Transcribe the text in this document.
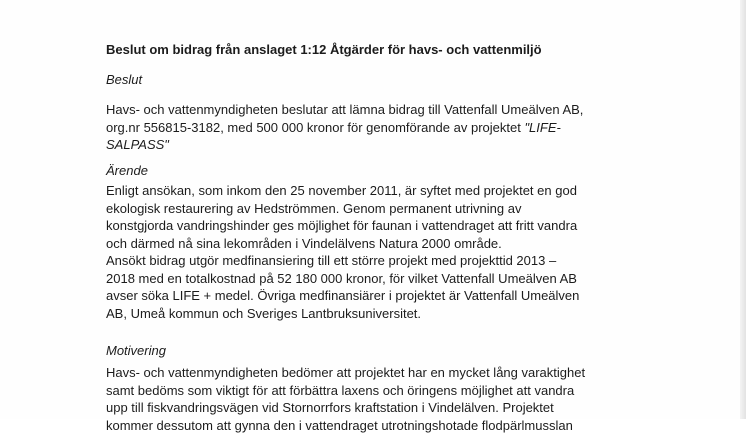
Beslut om bidrag från anslaget 1:12 Åtgärder för havs- och vattenmiljö
Beslut
Havs- och vattenmyndigheten beslutar att lämna bidrag till Vattenfall Umeälven AB,
org.nr 556815-3182, med 500 000 kronor för genomförande av projektet "LIFE-
SALPASS"
Ärende
Enligt ansökan, som inkom den 25 november 2011, är syftet med projektet en god
ekologisk restaurering av Hedströmmen. Genom permanent utrivning av
konstgjorda vandringshinder ges möjlighet för faunan i vattendraget att fritt vandra
och därmed nå sina lekområden i Vindelälvens Natura 2000 område.
Ansökt bidrag utgör medfinansiering till ett större projekt med projekttid 2013 –
2018 med en totalkostnad på 52 180 000 kronor, för vilket Vattenfall Umeälven AB
avser söka LIFE + medel. Övriga medfinansiärer i projektet är Vattenfall Umeälven
AB, Umeå kommun och Sveriges Lantbruksuniversitet.
Motivering
Havs- och vattenmyndigheten bedömer att projektet har en mycket lång varaktighet
samt bedöms som viktigt för att förbättra laxens och öringens möjlighet att vandra
upp till fiskvandringsvägen vid Stornorrfors kraftstation i Vindelälven. Projektet
kommer dessutom att gynna den i vattendraget utrotningshotade flodpärlmusslan
